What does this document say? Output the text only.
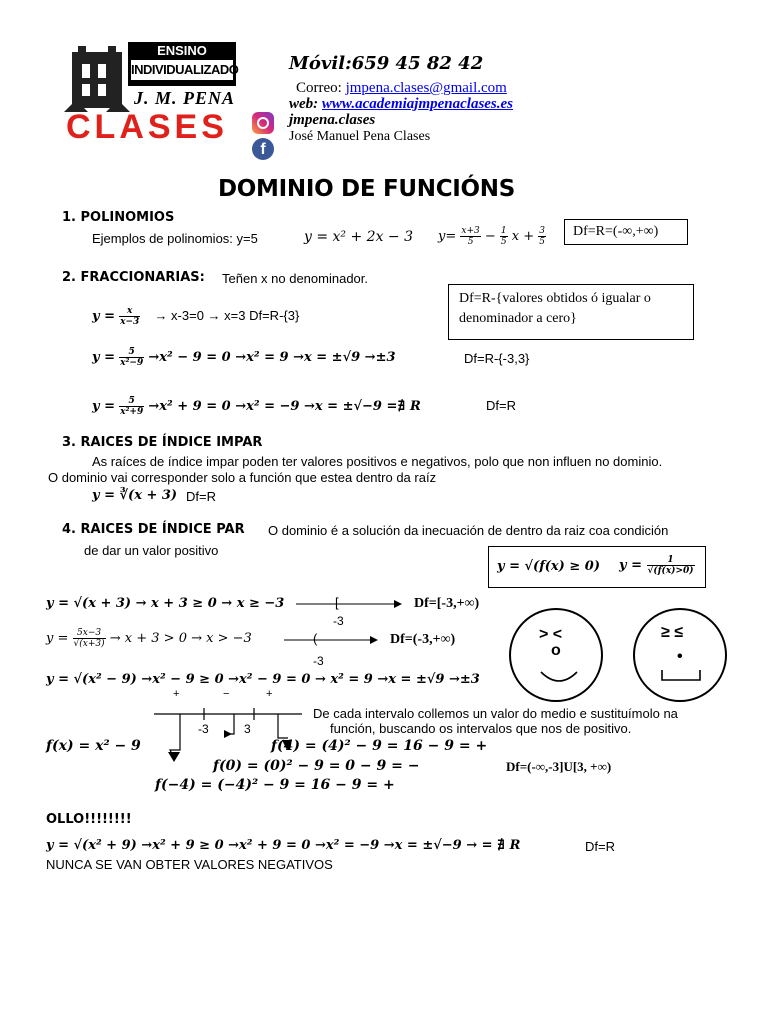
ENSINO
INDIVIDUALIZADO
J. M. PENA
CLASES
f
Móvil:659 45 82 42
Correo: jmpena.clases@gmail.com
web: www.academiajmpenaclases.es
jmpena.clases
José Manuel Pena Clases
DOMINIO DE FUNCIÓNS
1. POLINOMIOS
Ejemplos de polinomios: y=5	y = x² + 2x − 3 $y= \frac{x+3}{5} - \frac{1}{5}$ $x + \frac{3}{5}$	Df=R=(-∞,+∞)
2. FRACCIONARIAS: Teñen x no denominador.
Df=R-{valores obtidos ó igualar o denominador a cero}
$y = \frac{x}{x-3} \to x-3=0 \to x=3$ Df=R-{3}
$y = \frac{5}{\text{x²−9}} \to x^2 - 9 = 0 \to x^2 = 9 \to x = \pm√9 \to\pm 3$	Df=R-{-3,3}
$y = \frac{5}{\text{x²+9}} \to x^2 + 9 = 0 \to x^2 = -9 \to x = \pm√-9$ =∄ R	Df=R
3. RAICES DE ÍNDICE IMPAR
As raíces de índice impar poden ter valores positivos e negativos, polo que non influen no dominio.
O dominio vai corresponder solo a función que estea dentro da raíz
y = ∛(x + 3) Df=R
4. RAICES DE ÍNDICE PAR O dominio é a solución da inecuación de dentro da raiz coa condición
de dar un valor positivo
y = √(f(x) ≥ 0) $y = \frac{1}{√(f(x)>0)}$
y = √(x + 3) → x + 3 ≥ 0 → x ≥ −3	[
-3
Df=[-3,+∞)
$y = \frac{5x-3}{√(x+3)} \to x + 3 > 0 \to x > -3$	(
-3
Df=(-3,+∞)	> <
o
≥ ≤
•
y = √(x² − 9) →x² − 9 ≥ 0 →x² − 9 = 0 → x² = 9 →x = ±√9 →±3
+	−	+
-3	3
De cada intervalo collemos un valor do medio e sustituímolo na
función, buscando os intervalos que nos de positivo.
f(x) = x² − 9	f(4) = (4)² − 9 = 16 − 9 = +
f(0) = (0)² − 9 = 0 − 9 = −	Df=(-∞,-3]U[3, +∞)
f(−4) = (−4)² − 9 = 16 − 9 = +
OLLO!!!!!!!!
y = √(x² + 9) →x² + 9 ≥ 0 →x² + 9 = 0 →x² = −9 →x = ±√−9 → = ∄ R	Df=R
NUNCA SE VAN OBTER VALORES NEGATIVOS
